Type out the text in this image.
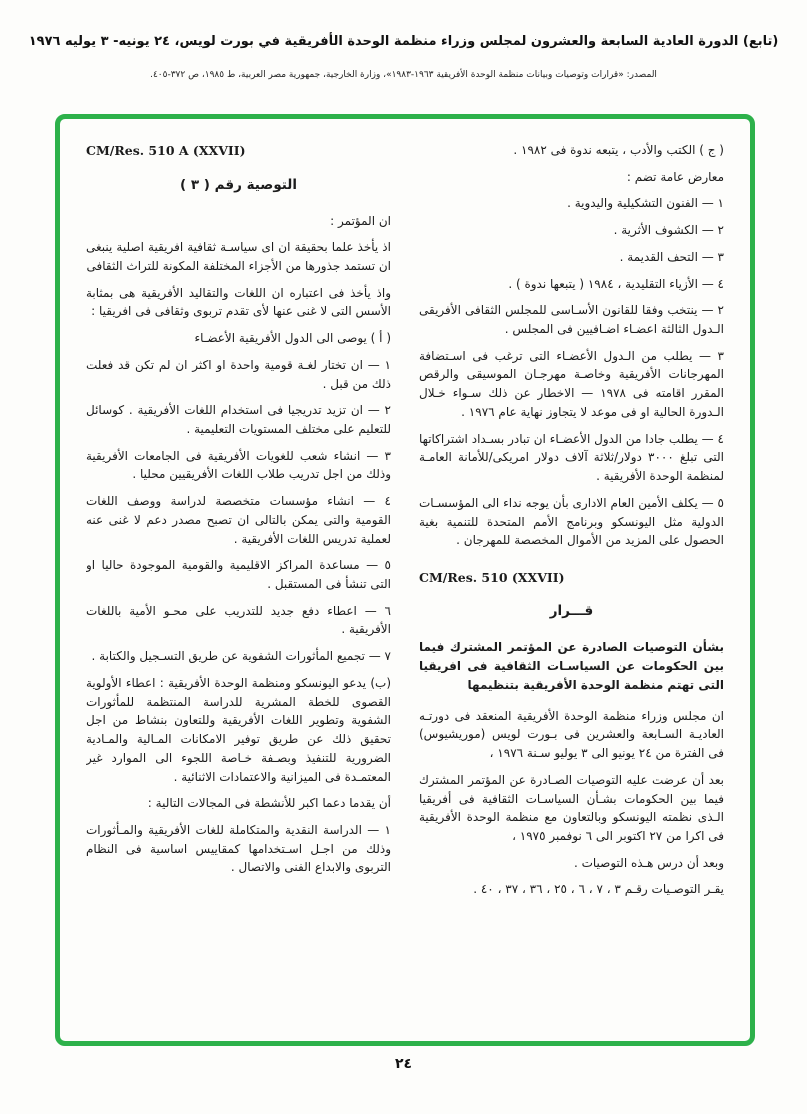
(تابع) الدورة العادية السابعة والعشرون لمجلس وزراء منظمة الوحدة الأفريقية في بورت لويس، ٢٤ يونيه- ٣ يوليه ١٩٧٦
المصدر: «قرارات وتوصيات وبيانات منظمة الوحدة الأفريقية ١٩٦٣-١٩٨٣»، وزارة الخارجية، جمهورية مصر العربية، ط ١٩٨٥، ص ٣٧٢-٤٠٥.

( ج ) الكتب والأدب ، يتبعه ندوة فى ١٩٨٢ .

معارض عامة تضم :

١ — الفنون التشكيلية واليدوية .

٢ — الكشوف الأثرية .

٣ — التحف القديمة .

٤ — الأزياء التقليدية ، ١٩٨٤ ( يتبعها ندوة ) .

٢ — ينتخب وفقا للقانون الأسـاسى للمجلس الثقافى الأفريقى الـدول الثالثة اعضـاء اضـافيين فى المجلس .

٣ — يطلب من الـدول الأعضـاء التى ترغب فى اسـتضافة المهرجانات الأفريقية وخاصـة مهرجـان الموسيقى والرقص المقرر اقامته فى ١٩٧٨ — الاخطار عن ذلك سـواء خـلال الـدورة الحالية او فى موعد لا يتجاوز نهاية عام ١٩٧٦ .

٤ — يطلب جادا من الدول الأعضـاء ان تبادر بسـداد اشتراكاتها التى تبلغ ٣٠٠٠ دولار/ثلاثة آلاف دولار امريكى/للأمانة العامـة لمنظمة الوحدة الأفريقية .

٥ — يكلف الأمين العام الادارى بأن يوجه نداء الى المؤسسـات الدولية مثل اليونسكو وبرنامج الأمم المتحدة للتنمية بغية الحصول على المزيد من الأموال المخصصة للمهرجان .

CM/Res. 510 (XXVII)
قـــرار
بشأن التوصيات الصادرة عن المؤتمر المشترك فيما بين الحكومات عن السياسـات الثقافية فى افريقيا التى تهتم منظمة الوحدة الأفريقية بتنظيمها

ان مجلس وزراء منظمة الوحدة الأفريقية المنعقد فى دورتـه العاديـة السـابعة والعشرين فى بـورت لويس (موريشيوس) فى الفترة من ٢٤ يونيو الى ٣ يوليو سـنة ١٩٧٦ ،

بعد أن عرضت عليه التوصيات الصـادرة عن المؤتمر المشترك فيما بين الحكومات بشـأن السياسـات الثقافية فى أفريقيا الـذى نظمته اليونسكو وبالتعاون مع منظمة الوحدة الأفريقية فى اكرا من ٢٧ اكتوبر الى ٦ نوفمبر ١٩٧٥ ،

وبعد أن درس هـذه التوصيات .

يقـر التوصـيات رقـم ٣ ، ٧ ، ٦ ، ٢٥ ، ٣٦ ، ٣٧ ، ٤٠ .

CM/Res. 510 A (XXVII)
التوصية رقم ( ٣ )

ان المؤتمر :

اذ يأخذ علما بحقيقة ان اى سياسـة ثقافية افريقية اصلية ينبغى ان تستمد جذورها من الأجزاء المختلفة المكونة للتراث الثقافى

واذ يأخذ فى اعتباره ان اللغات والتقاليد الأفريقية هى بمثابة الأسس التى لا غنى عنها لأى تقدم تربوى وثقافى فى افريقيا :

( أ ) يوصى الى الدول الأفريقية الأعضـاء

١ — ان تختار لغـة قومية واحدة او اكثر ان لم تكن قد فعلت ذلك من قبل .

٢ — ان تزيد تدريجيا فى استخدام اللغات الأفريقية . كوسائل للتعليم على مختلف المستويات التعليمية .

٣ — انشاء شعب للغويات الأفريقية فى الجامعات الأفريقية وذلك من اجل تدريب طلاب اللغات الأفريقيين محليا .

٤ — انشاء مؤسسات متخصصة لدراسة ووصف اللغات القومية والتى يمكن بالتالى ان تصبح مصدر دعم لا غنى عنه لعملية تدريس اللغات الأفريقية .

٥ — مساعدة المراكز الاقليمية والقومية الموجودة حاليا او التى تنشأ فى المستقبل .

٦ — اعطاء دفع جديد للتدريب على محـو الأمية باللغات الأفريقية .

٧ — تجميع المأثورات الشفوية عن طريق التسـجيل والكتابة .

(ب) يدعو اليونسكو ومنظمة الوحدة الأفريقية : اعطاء الأولوية القصوى للخطة المشرية للدراسة المنتظمة للمأثورات الشفوية وتطوير اللغات الأفريقية وللتعاون بنشاط من اجل تحقيق ذلك عن طريق توفير الامكانات المـالية والمـادية الضرورية للتنفيذ وبصـفة خـاصة اللجوء الى الموارد غير المعتمـدة فى الميزانية والاعتمادات الاثنائية .

أن يقدما دعما اكبر للأنشطة فى المجالات التالية :

١ — الدراسة النقدية والمتكاملة للغات الأفريقية والمـأثورات وذلك من اجـل اسـتخدامها كمقاييس اساسية فى النظام التربوى والابداع الفنى والاتصال .

٢٤
